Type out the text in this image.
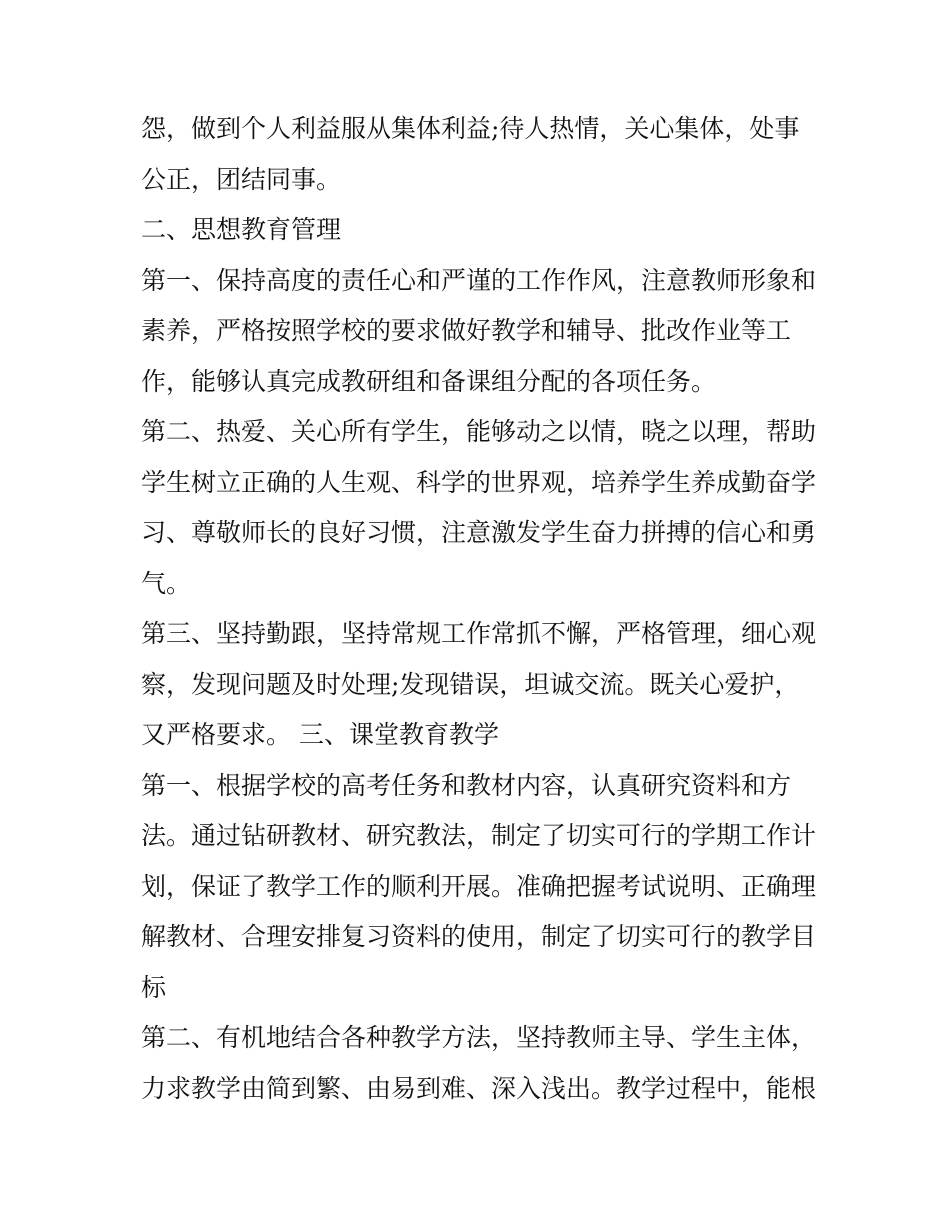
怨，做到个人利益服从集体利益;待人热情，关心集体，处事
公正，团结同事。
二、思想教育管理
第一、保持高度的责任心和严谨的工作作风，注意教师形象和
素养，严格按照学校的要求做好教学和辅导、批改作业等工
作，能够认真完成教研组和备课组分配的各项任务。
第二、热爱、关心所有学生，能够动之以情，晓之以理，帮助
学生树立正确的人生观、科学的世界观，培养学生养成勤奋学
习、尊敬师长的良好习惯，注意激发学生奋力拼搏的信心和勇
气。
第三、坚持勤跟，坚持常规工作常抓不懈，严格管理，细心观
察，发现问题及时处理;发现错误，坦诚交流。既关心爱护，
又严格要求。 三、课堂教育教学
第一、根据学校的高考任务和教材内容，认真研究资料和方
法。通过钻研教材、研究教法，制定了切实可行的学期工作计
划，保证了教学工作的顺利开展。准确把握考试说明、正确理
解教材、合理安排复习资料的使用，制定了切实可行的教学目
标
第二、有机地结合各种教学方法，坚持教师主导、学生主体，
力求教学由简到繁、由易到难、深入浅出。教学过程中，能根
